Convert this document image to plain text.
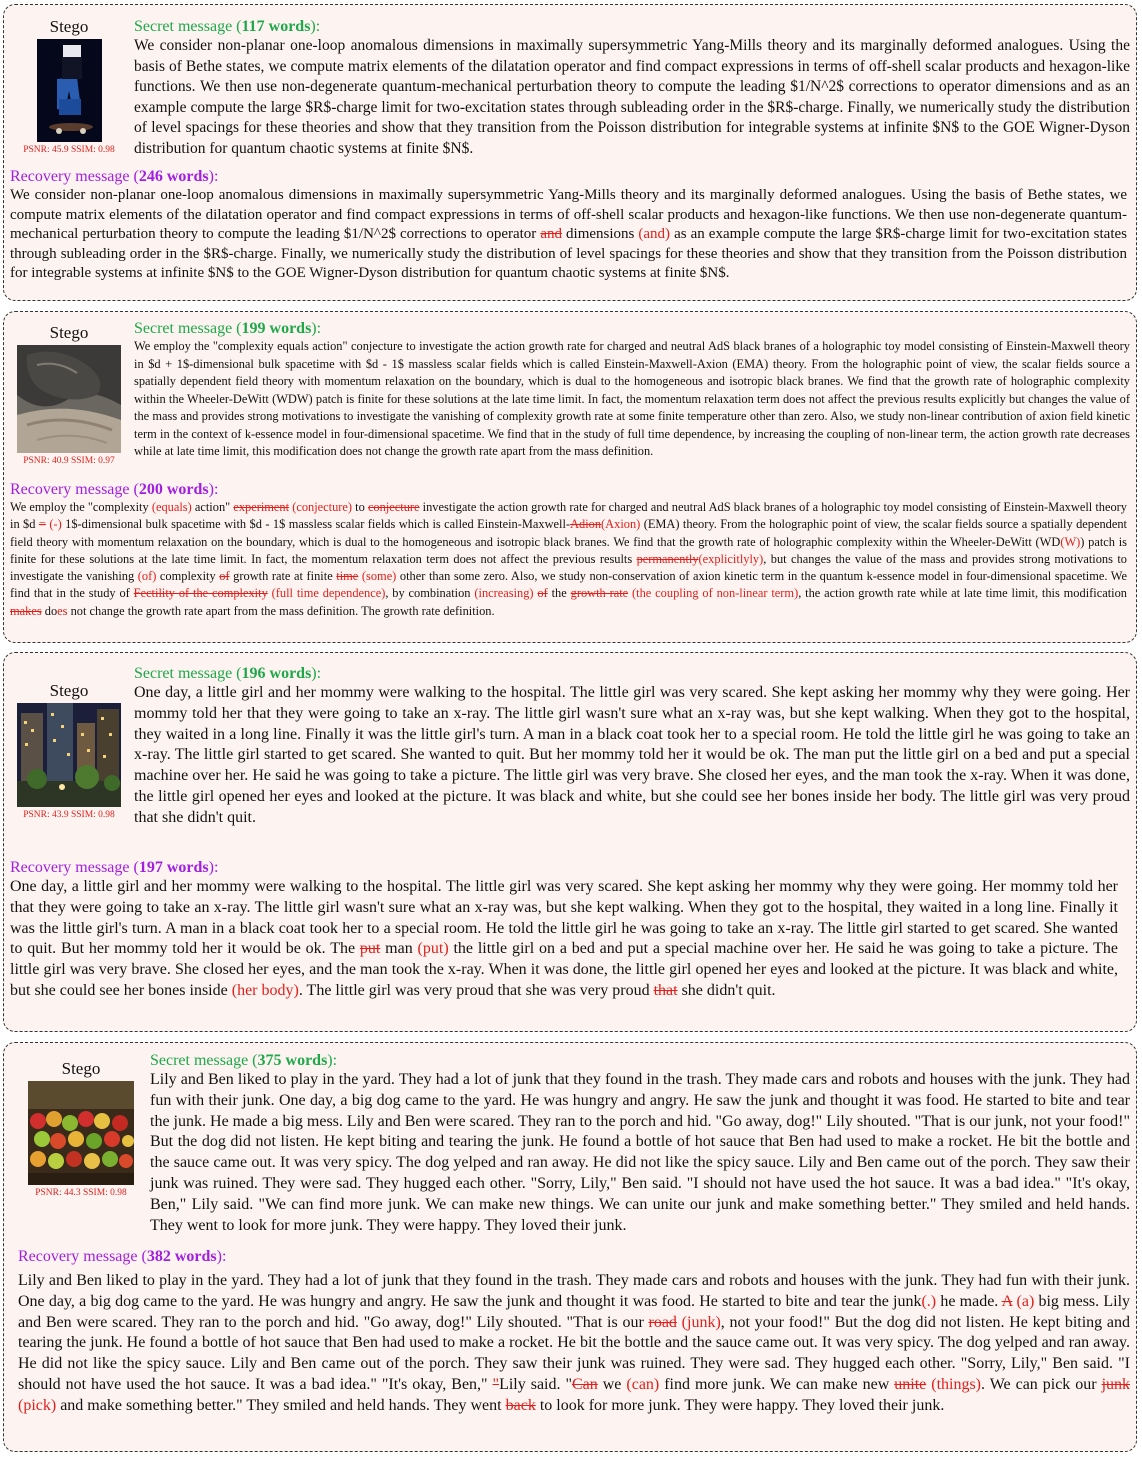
Stego
PSNR: 45.9 SSIM: 0.98
Secret message (117 words):
We consider non-planar one-loop anomalous dimensions in maximally supersymmetric Yang-Mills theory and its marginally deformed analogues. Using the basis of Bethe states, we compute matrix elements of the dilatation operator and find compact expressions in terms of off-shell scalar products and hexagon-like functions. We then use non-degenerate quantum-mechanical perturbation theory to compute the leading $1/N^2$ corrections to operator dimensions and as an example compute the large $R$-charge limit for two-excitation states through subleading order in the $R$-charge. Finally, we numerically study the distribution of level spacings for these theories and show that they transition from the Poisson distribution for integrable systems at infinite $N$ to the GOE Wigner-Dyson distribution for quantum chaotic systems at finite $N$.
Recovery message (246 words):
We consider non-planar one-loop anomalous dimensions in maximally supersymmetric Yang-Mills theory and its marginally deformed analogues. Using the basis of Bethe states, we compute matrix elements of the dilatation operator and find compact expressions in terms of off-shell scalar products and hexagon-like functions. We then use non-degenerate quantum-mechanical perturbation theory to compute the leading $1/N^2$ corrections to operator and dimensions (and) as an example compute the large $R$-charge limit for two-excitation states through subleading order in the $R$-charge. Finally, we numerically study the distribution of level spacings for these theories and show that they transition from the Poisson distribution for integrable systems at infinite $N$ to the GOE Wigner-Dyson distribution for quantum chaotic systems at finite $N$.
Stego
PSNR: 40.9 SSIM: 0.97
Secret message (199 words):
We employ the "complexity equals action" conjecture to investigate the action growth rate for charged and neutral AdS black branes of a holographic toy model consisting of Einstein-Maxwell theory in $d + 1$-dimensional bulk spacetime with $d - 1$ massless scalar fields which is called Einstein-Maxwell-Axion (EMA) theory. From the holographic point of view, the scalar fields source a spatially dependent field theory with momentum relaxation on the boundary, which is dual to the homogeneous and isotropic black branes. We find that the growth rate of holographic complexity within the Wheeler-DeWitt (WDW) patch is finite for these solutions at the late time limit. In fact, the momentum relaxation term does not affect the previous results explicitly but changes the value of the mass and provides strong motivations to investigate the vanishing of complexity growth rate at some finite temperature other than zero. Also, we study non-linear contribution of axion field kinetic term in the context of k-essence model in four-dimensional spacetime. We find that in the study of full time dependence, by increasing the coupling of non-linear term, the action growth rate decreases while at late time limit, this modification does not change the growth rate apart from the mass definition.
Recovery message (200 words):
We employ the "complexity (equals) action" experiment (conjecture) to conjecture investigate the action growth rate for charged and neutral AdS black branes of a holographic toy model consisting of Einstein-Maxwell theory in $d = (-) 1$-dimensional bulk spacetime with $d - 1$ massless scalar fields which is called Einstein-Maxwell-Adion(Axion) (EMA) theory. From the holographic point of view, the scalar fields source a spatially dependent field theory with momentum relaxation on the boundary, which is dual to the homogeneous and isotropic black branes. We find that the growth rate of holographic complexity within the Wheeler-DeWitt (WD(W)) patch is finite for these solutions at the late time limit. In fact, the momentum relaxation term does not affect the previous results permanently(explicitlyly), but changes the value of the mass and provides strong motivations to investigate the vanishing (of) complexity of growth rate at finite time (some) other than some zero. Also, we study non-conservation of axion kinetic term in the quantum k-essence model in four-dimensional spacetime. We find that in the study of Fectility of the complexity (full time dependence), by combination (increasing) of the growth rate (the coupling of non-linear term), the action growth rate while at late time limit, this modification makes does not change the growth rate apart from the mass definition. The growth rate definition.
Stego
PSNR: 43.9 SSIM: 0.98
Secret message (196 words):
One day, a little girl and her mommy were walking to the hospital. The little girl was very scared. She kept asking her mommy why they were going. Her mommy told her that they were going to take an x-ray. The little girl wasn't sure what an x-ray was, but she kept walking. When they got to the hospital, they waited in a long line. Finally it was the little girl's turn. A man in a black coat took her to a special room. He told the little girl he was going to take an x-ray. The little girl started to get scared. She wanted to quit. But her mommy told her it would be ok. The man put the little girl on a bed and put a special machine over her. He said he was going to take a picture. The little girl was very brave. She closed her eyes, and the man took the x-ray. When it was done, the little girl opened her eyes and looked at the picture. It was black and white, but she could see her bones inside her body. The little girl was very proud that she didn't quit.
Recovery message (197 words):
One day, a little girl and her mommy were walking to the hospital. The little girl was very scared. She kept asking her mommy why they were going. Her mommy told her that they were going to take an x-ray. The little girl wasn't sure what an x-ray was, but she kept walking. When they got to the hospital, they waited in a long line. Finally it was the little girl's turn. A man in a black coat took her to a special room. He told the little girl he was going to take an x-ray. The little girl started to get scared. She wanted to quit. But her mommy told her it would be ok. The put man (put) the little girl on a bed and put a special machine over her. He said he was going to take a picture. The little girl was very brave. She closed her eyes, and the man took the x-ray. When it was done, the little girl opened her eyes and looked at the picture. It was black and white, but she could see her bones inside (her body). The little girl was very proud that she was very proud that she didn't quit.
Stego
PSNR: 44.3 SSIM: 0.98
Secret message (375 words):
Lily and Ben liked to play in the yard. They had a lot of junk that they found in the trash. They made cars and robots and houses with the junk. They had fun with their junk. One day, a big dog came to the yard. He was hungry and angry. He saw the junk and thought it was food. He started to bite and tear the junk. He made a big mess. Lily and Ben were scared. They ran to the porch and hid. "Go away, dog!" Lily shouted. "That is our junk, not your food!" But the dog did not listen. He kept biting and tearing the junk. He found a bottle of hot sauce that Ben had used to make a rocket. He bit the bottle and the sauce came out. It was very spicy. The dog yelped and ran away. He did not like the spicy sauce. Lily and Ben came out of the porch. They saw their junk was ruined. They were sad. They hugged each other. "Sorry, Lily," Ben said. "I should not have used the hot sauce. It was a bad idea." "It's okay, Ben," Lily said. "We can find more junk. We can make new things. We can unite our junk and make something better." They smiled and held hands. They went to look for more junk. They were happy. They loved their junk.
Recovery message (382 words):
Lily and Ben liked to play in the yard. They had a lot of junk that they found in the trash. They made cars and robots and houses with the junk. They had fun with their junk. One day, a big dog came to the yard. He was hungry and angry. He saw the junk and thought it was food. He started to bite and tear the junk(.) he made. A (a) big mess. Lily and Ben were scared. They ran to the porch and hid. "Go away, dog!" Lily shouted. "That is our road (junk), not your food!" But the dog did not listen. He kept biting and tearing the junk. He found a bottle of hot sauce that Ben had used to make a rocket. He bit the bottle and the sauce came out. It was very spicy. The dog yelped and ran away. He did not like the spicy sauce. Lily and Ben came out of the porch. They saw their junk was ruined. They were sad. They hugged each other. "Sorry, Lily," Ben said. "I should not have used the hot sauce. It was a bad idea." "It's okay, Ben," "Lily said. "Can we (can) find more junk. We can make new unite (things). We can pick our junk (pick) and make something better." They smiled and held hands. They went back to look for more junk. They were happy. They loved their junk.
